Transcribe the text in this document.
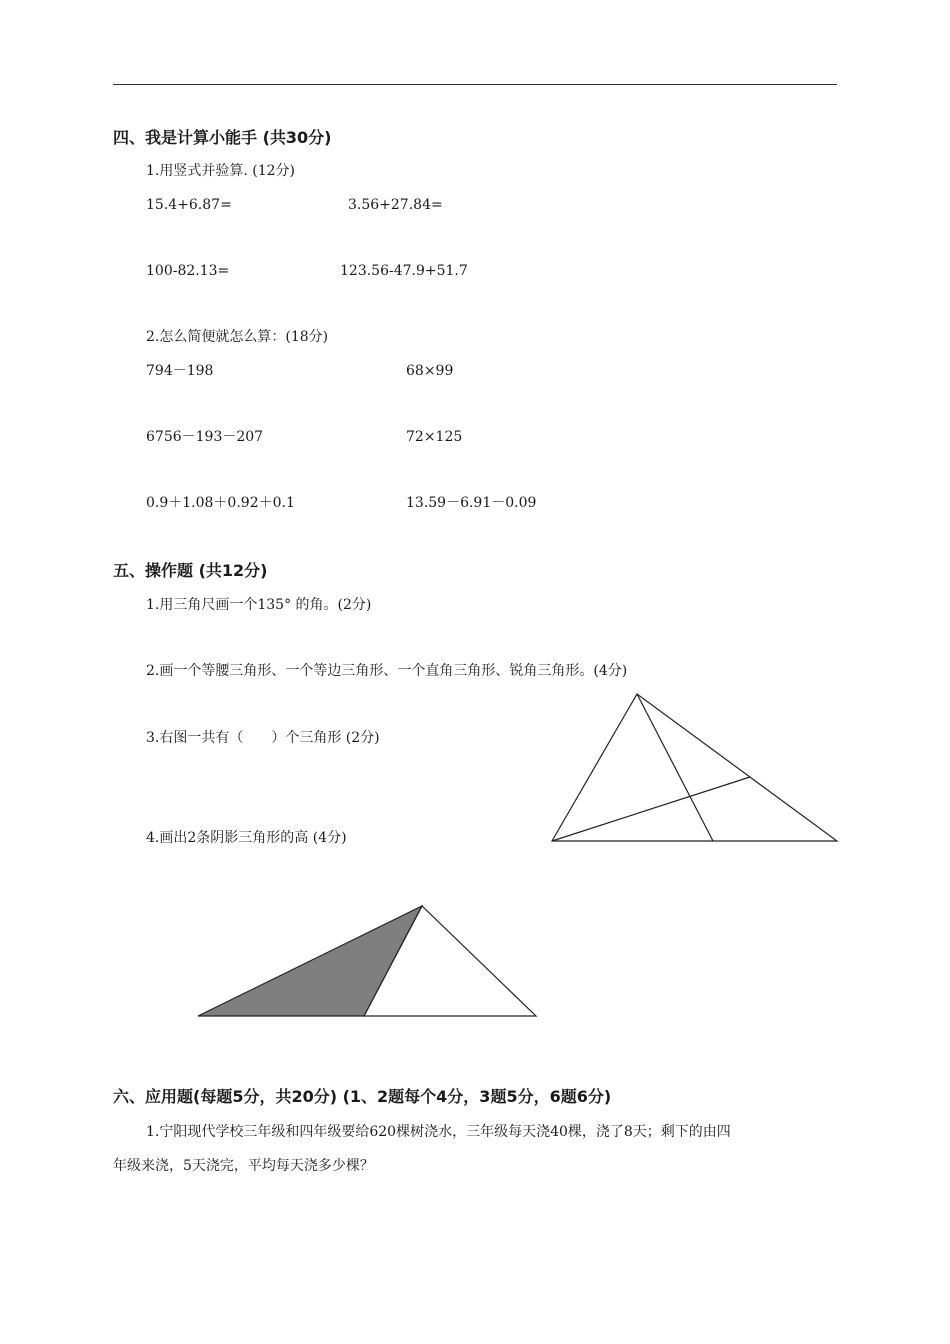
四、我是计算小能手 (共30分)
1.用竖式并验算. (12分)
15.4+6.87=	3.56+27.84=
100-82.13=	123.56-47.9+51.7
2.怎么简便就怎么算：(18分)
794－198	68×99
6756－193－207	72×125
0.9＋1.08＋0.92＋0.1	13.59－6.91－0.09
五、操作题 (共12分)
1.用三角尺画一个135° 的角。(2分)
2.画一个等腰三角形、一个等边三角形、一个直角三角形、锐角三角形。(4分)
3.右图一共有（　　）个三角形 (2分)
4.画出2条阴影三角形的高 (4分)
六、应用题(每题5分，共20分) (1、2题每个4分，3题5分，6题6分)
1.宁阳现代学校三年级和四年级要给620棵树浇水，三年级每天浇40棵，浇了8天；剩下的由四
年级来浇，5天浇完，平均每天浇多少棵？
